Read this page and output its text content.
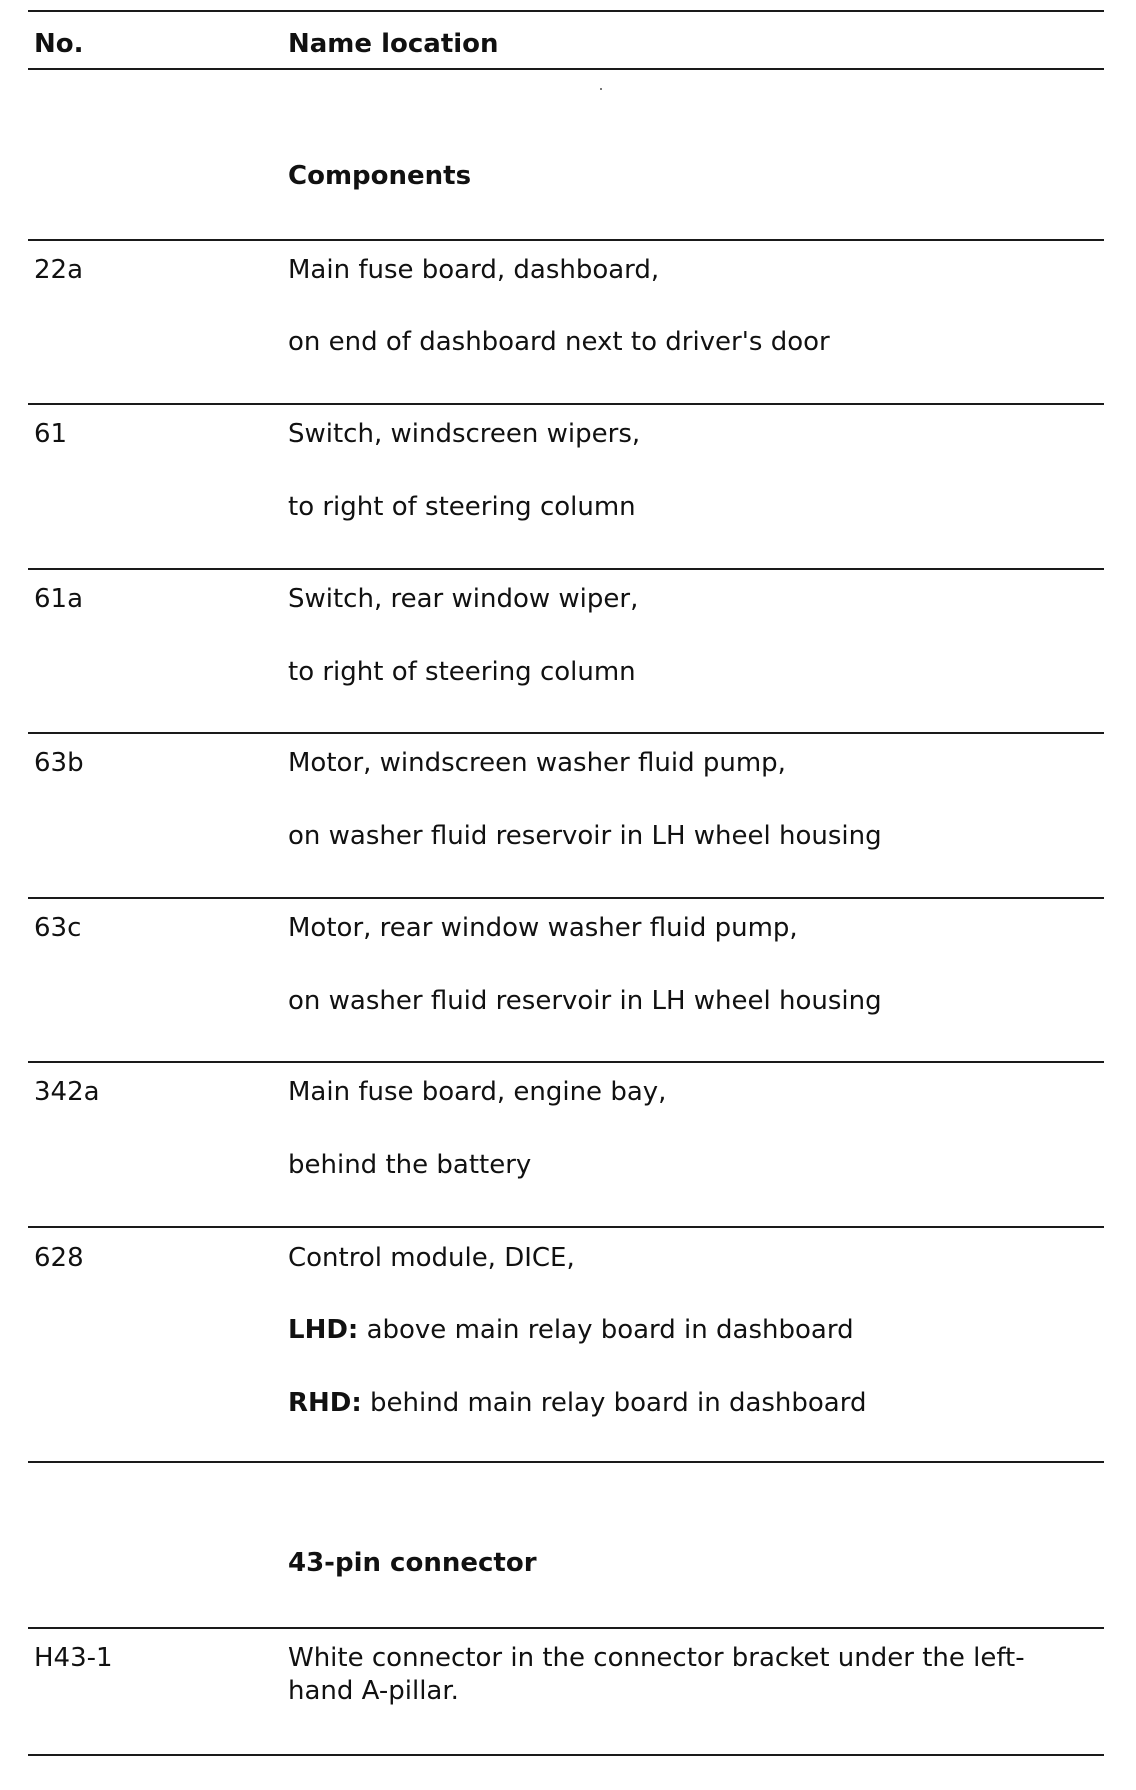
No.	Name location
Components
22a	Main fuse board, dashboard,
on end of dashboard next to driver's door
61	Switch, windscreen wipers,
to right of steering column
61a	Switch, rear window wiper,
to right of steering column
63b	Motor, windscreen washer fluid pump,
on washer fluid reservoir in LH wheel housing
63c	Motor, rear window washer fluid pump,
on washer fluid reservoir in LH wheel housing
342a	Main fuse board, engine bay,
behind the battery
628	Control module, DICE,
LHD: above main relay board in dashboard
RHD: behind main relay board in dashboard
43-pin connector
H43-1	White connector in the connector bracket under the left-hand A-pillar.
